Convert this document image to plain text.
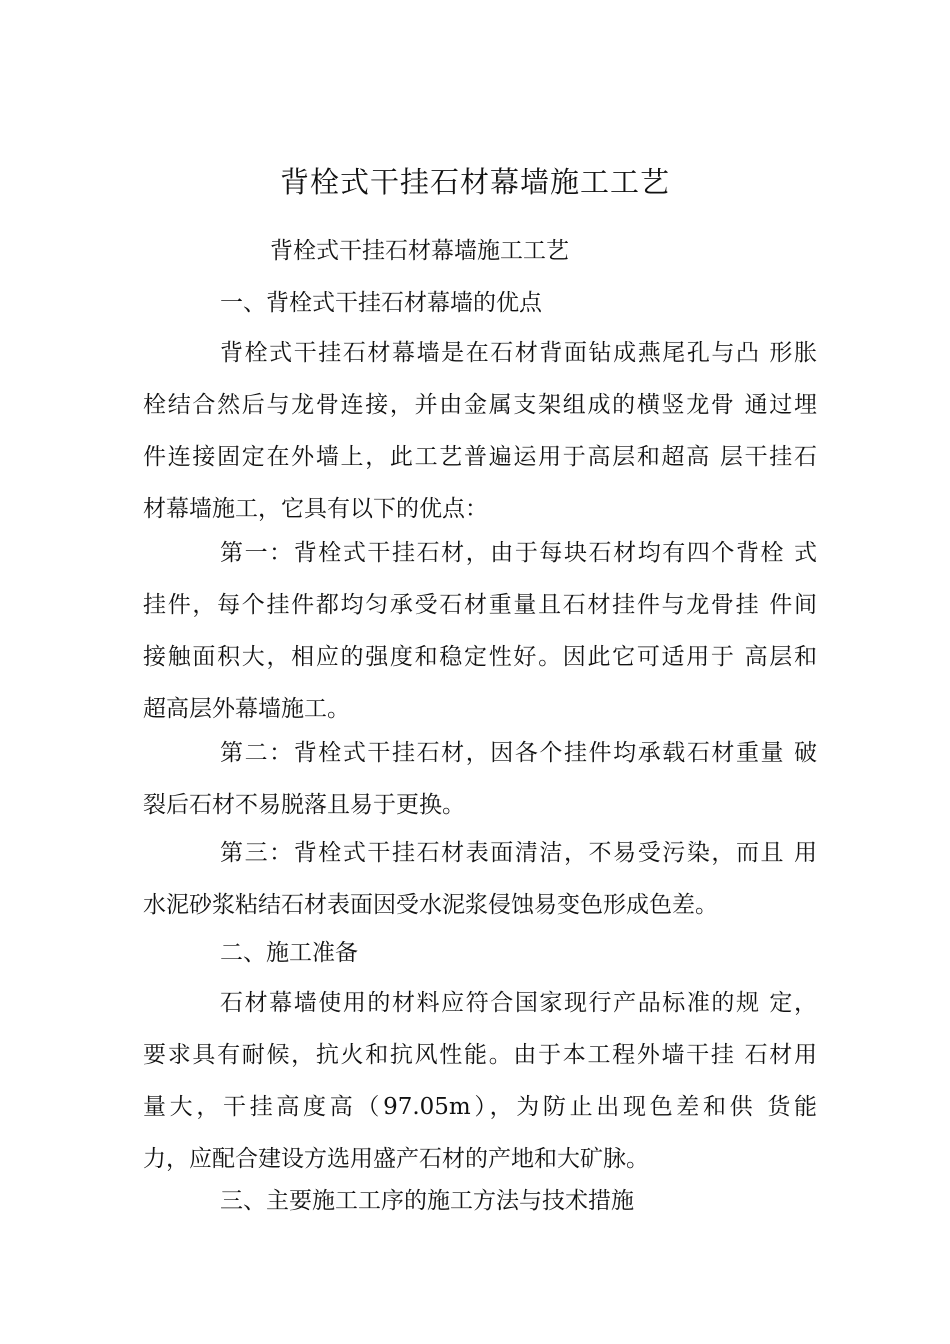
背栓式干挂石材幕墙施工工艺
背栓式干挂石材幕墙施工工艺
一、背栓式干挂石材幕墙的优点
背栓式干挂石材幕墙是在石材背面钻成燕尾孔与凸 形胀
栓结合然后与龙骨连接，并由金属支架组成的横竖龙骨 通过埋
件连接固定在外墙上，此工艺普遍运用于高层和超高 层干挂石
材幕墙施工，它具有以下的优点：
第一：背栓式干挂石材，由于每块石材均有四个背栓 式
挂件，每个挂件都均匀承受石材重量且石材挂件与龙骨挂 件间
接触面积大，相应的强度和稳定性好。因此它可适用于 高层和
超高层外幕墙施工。
第二：背栓式干挂石材，因各个挂件均承载石材重量 破
裂后石材不易脱落且易于更换。
第三：背栓式干挂石材表面清洁，不易受污染，而且 用
水泥砂浆粘结石材表面因受水泥浆侵蚀易变色形成色差。
二、施工准备
石材幕墙使用的材料应符合国家现行产品标准的规 定，
要求具有耐候，抗火和抗风性能。由于本工程外墙干挂 石材用
量大，干挂高度高（97.05m），为防止出现色差和供 货能
力，应配合建设方选用盛产石材的产地和大矿脉。
三、主要施工工序的施工方法与技术措施
